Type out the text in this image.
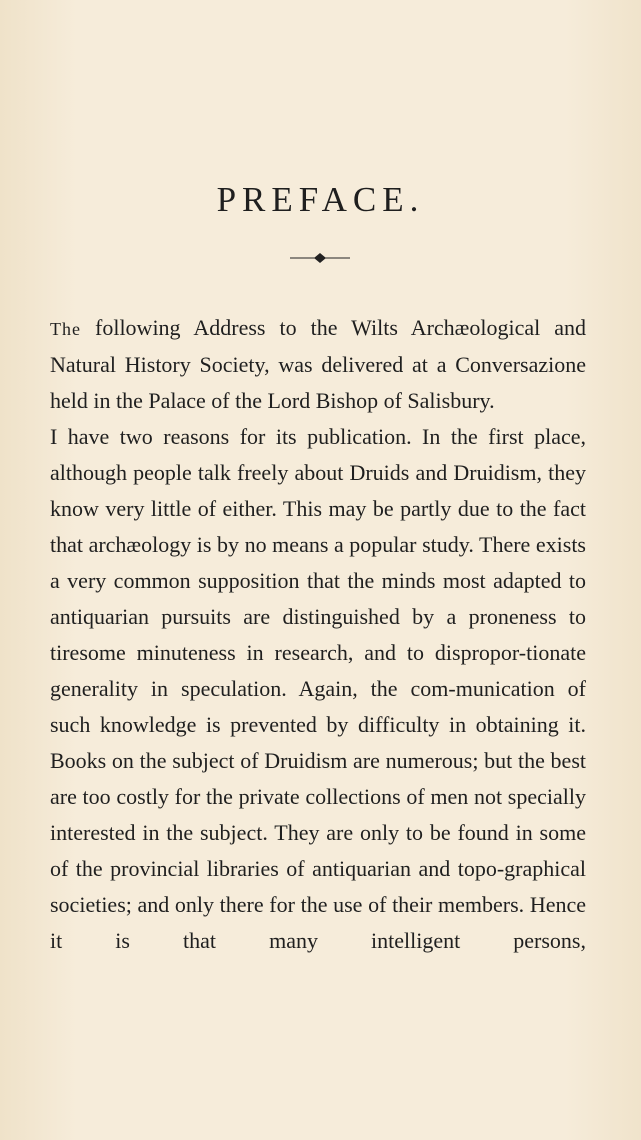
PREFACE.

The following Address to the Wilts Archæological and Natural History Society, was delivered at a Conversazione held in the Palace of the Lord Bishop of Salisbury.

I have two reasons for its publication. In the first place, although people talk freely about Druids and Druidism, they know very little of either. This may be partly due to the fact that archæology is by no means a popular study. There exists a very common supposition that the minds most adapted to antiquarian pursuits are distinguished by a proneness to tiresome minuteness in research, and to dispropor-tionate generality in speculation. Again, the com-munication of such knowledge is prevented by difficulty in obtaining it. Books on the subject of Druidism are numerous; but the best are too costly for the private collections of men not specially interested in the subject. They are only to be found in some of the provincial libraries of antiquarian and topo-graphical societies; and only there for the use of their members. Hence it is that many intelligent persons,
